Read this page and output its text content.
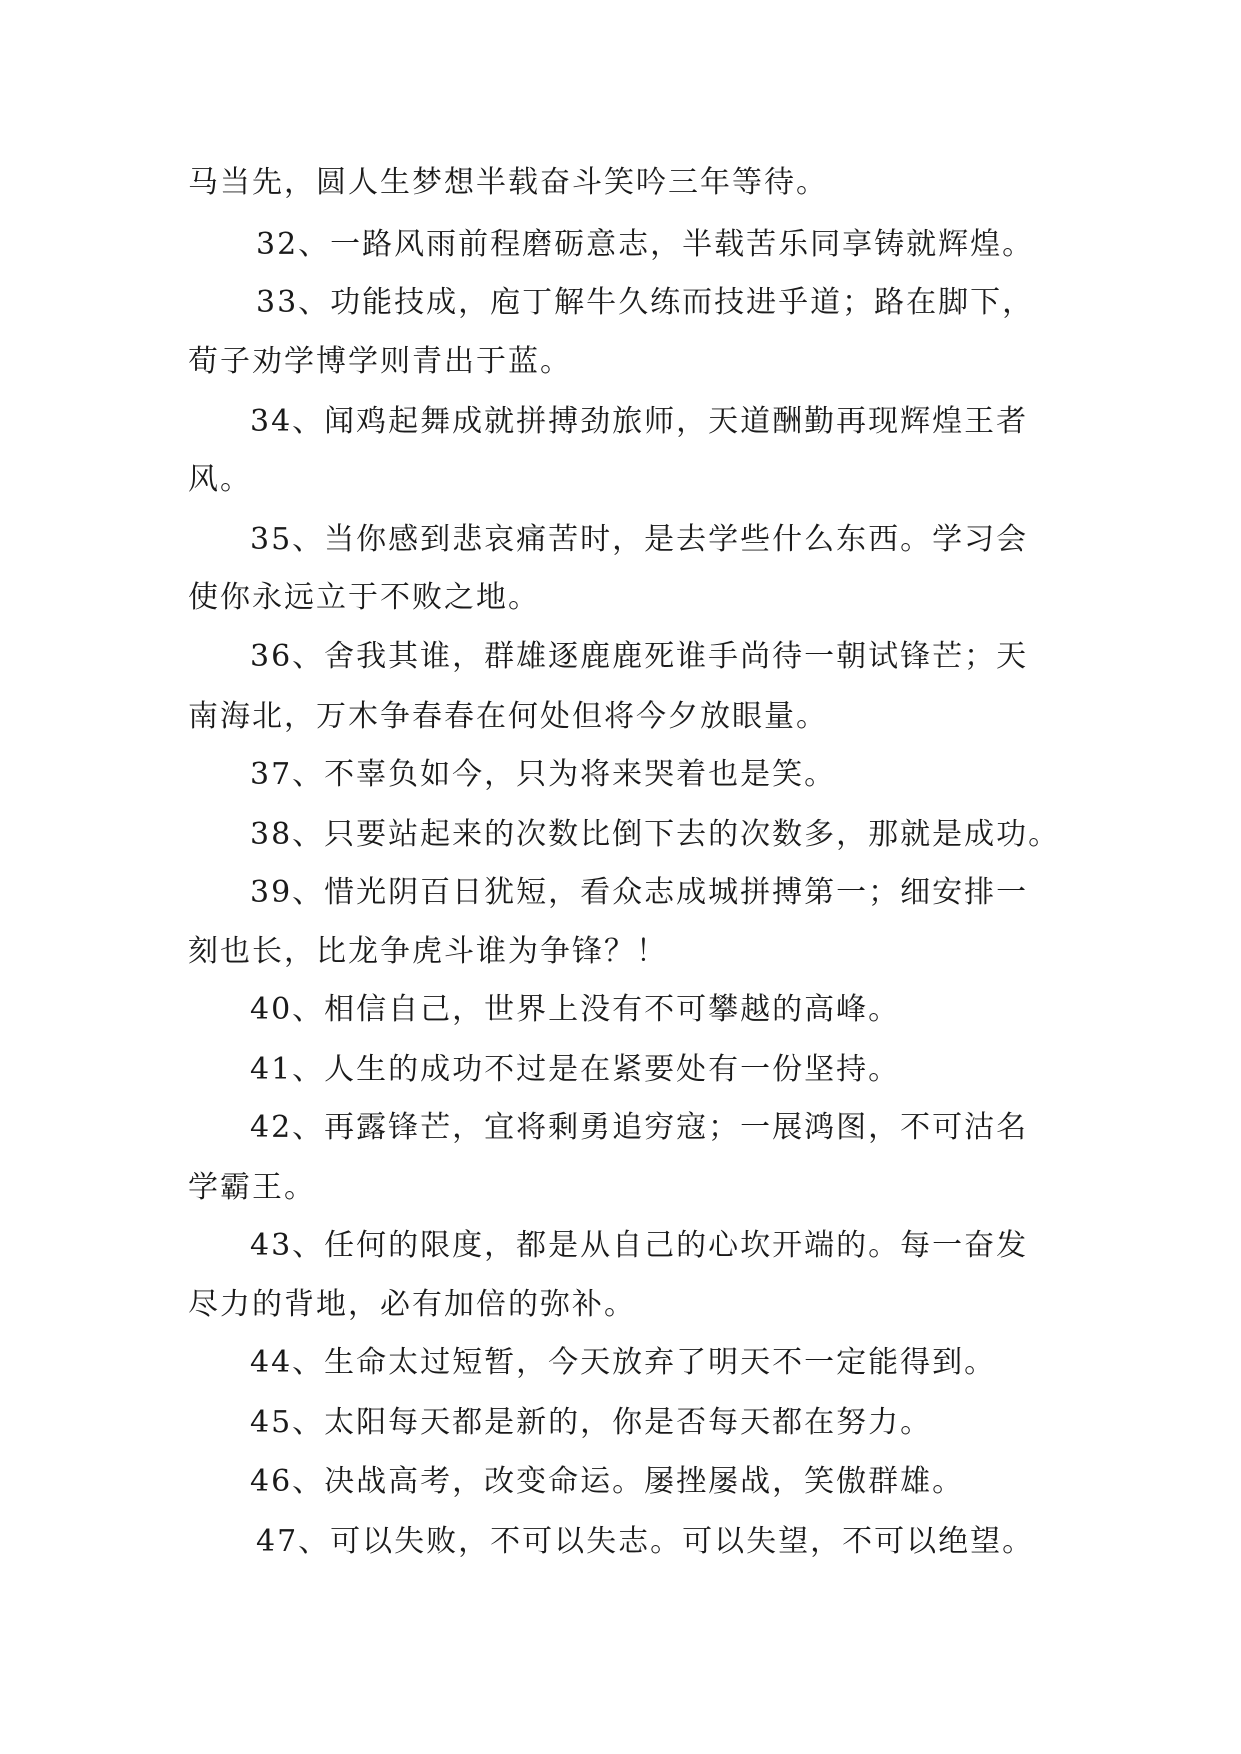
马当先，圆人生梦想半载奋斗笑吟三年等待。
32、一路风雨前程磨砺意志，半载苦乐同享铸就辉煌。
33、功能技成，庖丁解牛久练而技进乎道；路在脚下，
荀子劝学博学则青出于蓝。
34、闻鸡起舞成就拼搏劲旅师，天道酬勤再现辉煌王者
风。
35、当你感到悲哀痛苦时，是去学些什么东西。学习会
使你永远立于不败之地。
36、舍我其谁，群雄逐鹿鹿死谁手尚待一朝试锋芒；天
南海北，万木争春春在何处但将今夕放眼量。
37、不辜负如今，只为将来哭着也是笑。
38、只要站起来的次数比倒下去的次数多，那就是成功。
39、惜光阴百日犹短，看众志成城拼搏第一；细安排一
刻也长，比龙争虎斗谁为争锋？！
40、相信自己，世界上没有不可攀越的高峰。
41、人生的成功不过是在紧要处有一份坚持。
42、再露锋芒，宜将剩勇追穷寇；一展鸿图，不可沽名
学霸王。
43、任何的限度，都是从自己的心坎开端的。每一奋发
尽力的背地，必有加倍的弥补。
44、生命太过短暂，今天放弃了明天不一定能得到。
45、太阳每天都是新的，你是否每天都在努力。
46、决战高考，改变命运。屡挫屡战，笑傲群雄。
47、可以失败，不可以失志。可以失望，不可以绝望。
